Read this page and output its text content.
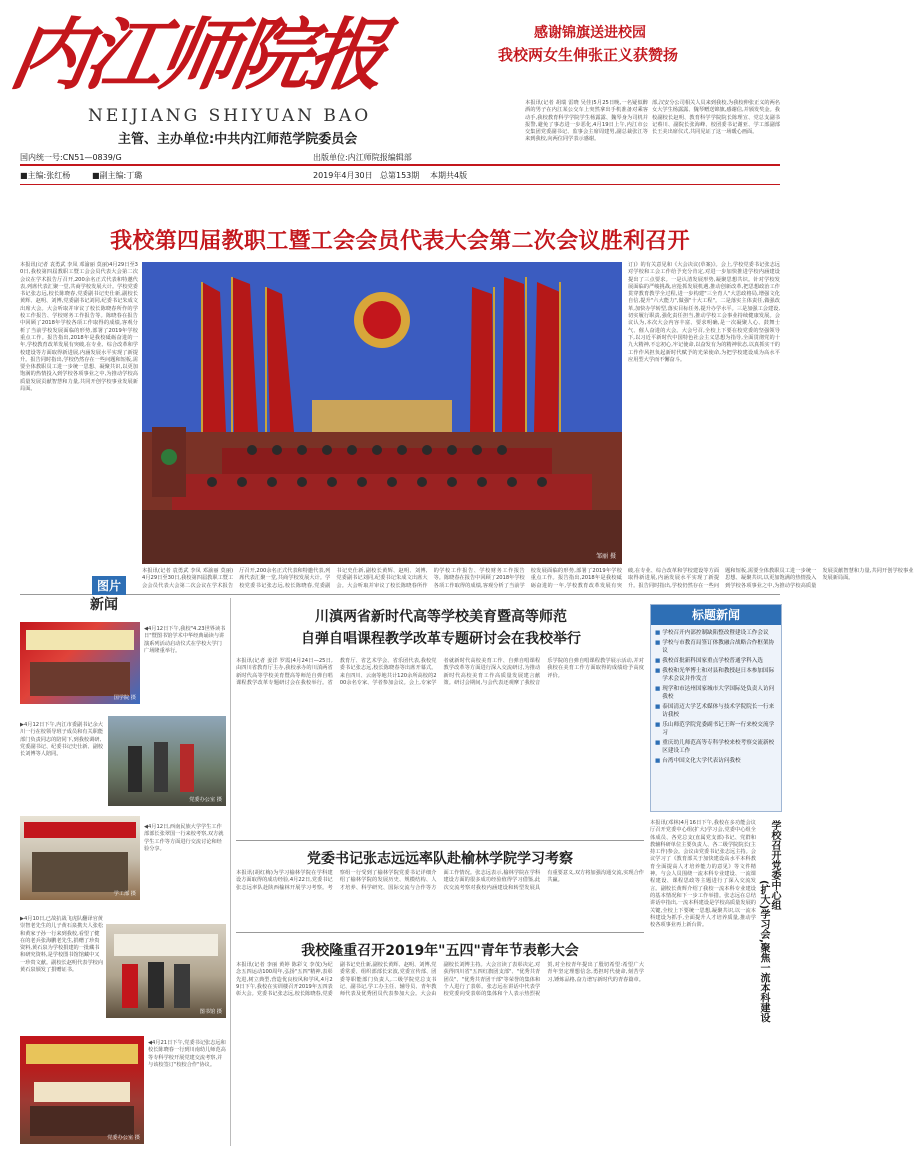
内江师院报
NEIJIANG SHIYUAN BAO
主管、主办单位:中共内江师范学院委员会
国内统一号:CN51—0839/G	出版单位:内江师院报编辑部
■主编:张红杨	■副主编:丁璐	2019年4月30日 总第153期 本期共4版
感谢锦旗送进校园
我校两女生伸张正义获赞扬
本报讯(记者 胡瑞 雷晓 吴佳)5月25日晚,一名疑似醉酒的男子在内江某公交车上突然拿出手机准备对乘客动手,我校教育科学学院学生杨露露、魏琴身为司机并报警,避免了事态进一步恶化,4月19日上午,内江市公交集团党委副书记、监事会主席周建男,副总裁张江等来到我校,向两位同学表示感谢。
部,汉安分公司相关人员来到我校,为我校伸张正义的两名女大学生杨露露、魏琴赠送锦旗,感谢信,并颁发奖金。我校副校长赵明、教育科学学院院长陈理宣、党总支副书记蔡川、副院长张海峰、校团委书记谢亚、学工部副部长王美出席仪式,共同见证了这一场暖心画面。
我校第四届教职工暨工会会员代表大会第二次会议胜利召开
本报讯(记者 袁勇武 李凤 邓渝丽 莫丽)4月29日至30日,我校第四届教职工暨工会会员代表大会第二次会议在学术报告厅召开,200余名正式代表和特邀代表,列席代表汇聚一堂,共商学校发展大计。学校党委书记张志远,校长陈晓春,党委副书记史仕新,副校长黄辉、赵明、刘博,党委副书记刘同,纪委书记朱成文出席大会。大会听取并审议了校长陈晓春所作的学校工作报告、学校财务工作报告等。陈晓春在报告中回顾了2018年学校各项工作取得的成绩,客观分析了当前学校发展面临的形势,部署了2019年学校重点工作。报告指出,2018年是我校砥砺奋进的一年,学校教育改革发展有突破,在专业、综合改革和学校建设等方面取得新进展,内涵发展水平实现了新提升。报告同时指出,学校仍然存在一些问题和短板,需要全体教职员工进一步统一思想、凝聚共识,以更加饱满的热情投入到学校各项事业之中,为推动学校高质量发展贡献智慧和力量,共同开创学校事业发展新局面。
邹丽 摄
订)》的有关意见和《大会决议(草案)》。会上,学校党委书记张志远对学校和工会工作给予充分肯定,对进一步加快推进学校内涵建设提出了三点要求。一是认清发展形势,凝聚思想共识。针对学校发展面临的严峻挑战,应抢抓发展机遇,推动创新改革,把思想政治工作贯穿教育教学全过程,进一步构建"三全育人"大思政格局,增强文化自信,提升"六大能力",做强"十大工程"。二是落实主体责任,做强改革,加快办学转型,落实目标任务,提升办学水平。三是加强工会建设,切实履行职责,强化责任担当,推动学校工会事业持续健康发展。会议认为,本次大会内容丰富、要求明确,是一次凝聚人心、鼓舞士气、催人奋进的大会。大会号召,全校上下要在校党委的坚强领导下,以习近平新时代中国特色社会主义思想为指导,全面贯彻党的十九大精神,不忘初心,牢记使命,以奋发有为的精神状态,以真抓实干的工作作风担负起新时代赋予的光荣使命,为把学校建设成为高水平应用型大学而不懈奋斗。
本报讯(记者 袁勇武 李凤 邓渝丽 莫丽)4月29日至30日,我校第四届教职工暨工会会员代表大会第二次会议在学术报告厅召开,200余名正式代表和特邀代表,列席代表汇聚一堂,共商学校发展大计。学校党委书记张志远,校长陈晓春,党委副书记史仕新,副校长黄辉、赵明、刘博,党委副书记刘同,纪委书记朱成文出席大会。大会听取并审议了校长陈晓春所作的学校工作报告、学校财务工作报告等。陈晓春在报告中回顾了2018年学校各项工作取得的成绩,客观分析了当前学校发展面临的形势,部署了2019年学校重点工作。报告指出,2018年是我校砥砺奋进的一年,学校教育改革发展有突破,在专业、综合改革和学校建设等方面取得新进展,内涵发展水平实现了新提升。报告同时指出,学校仍然存在一些问题和短板,需要全体教职员工进一步统一思想、凝聚共识,以更加饱满的热情投入到学校各项事业之中,为推动学校高质量发展贡献智慧和力量,共同开创学校事业发展新局面。
图片
新闻
国学院 摄
◀4月12日下午,我校"4.23世界读书日"暨图书馆学术中华经典诵读与讲演系列活动启动仪式在学校大学门广场隆重举行。
▶4月12日下午,内江市委副书记余大川一行在校领导班子成员和有关职能部门负责同志的陪同下,到我校调研,党委副书记、纪委书记史仕新、副校长刘博等人陪同。
党委办公室 摄
学工部 摄
◀4月12日,西南民族大学学生工作部部长张翠国一行来校考察,双方就学生工作等方面进行交流讨论和经验分享。
▶4月10日,已故抗战飞虎队翻译官黄崇智老先生的儿子黄石泉携夫人张松和黄家子孙一行来到我校,看望了健在的老兵张海鹏老先生,捐赠了珍贵资料,黄石泉为学校捐建的一批藏书和研究资料,是学校图书馆馆藏中又一珍贵文献。副校长赵明代表学校向黄石泉颁发了捐赠证书。
图书馆 摄
党委办公室 摄
◀4月21日下午,党委书记张志远和校长陈晓春一行到川南幼儿师范高等专科学校开展党建交流考察,并与该校签订"校校合作"协议。
川滇两省新时代高等学校美育暨高等师范
自弹自唱课程教学改革专题研讨会在我校举行
本报讯(记者 姜洋 罗霞)4月24日—25日,由四川省教育厅主办,我校承办的川滇两省新时代高等学校美育暨高等师范自弹自唱课程教学改革专题研讨会在我校举行。省教育厅、省艺术学会、省乐团代表,我校党委书记张志远,校长陈晓春等出席开幕式。来自四川、云南等地共计120余所高校的200余名专家、学者参加会议。会上,专家学者就新时代高校美育工作、自弹自唱课程教学改革等方面进行深入交流研讨,为推动新时代高校美育工作高质量发展建言献策。研讨会期间,与会代表还观摩了我校音乐学院的自弹自唱课程教学展示活动,并对我校在美育工作方面取得的成绩给予高度评价。
党委书记张志远远率队赴榆林学院学习考察
本报讯(胡红梅)为学习榆林学院在学科建设方面取得的成功经验,4月22日,党委书记张志远率队赴陕西榆林开展学习考察。考察组一行受到了榆林学院党委书记详细介绍了榆林学院的发展历史、规模结构、人才培养、科学研究、国际交流与合作等方面工作情况。张志远表示,榆林学院在学科建设方面的很多成功经验值得学习借鉴,此次交流考察对我校内涵建设和转型发展具有重要意义,双方将加强沟通交流,实现合作共赢。
我校隆重召开2019年"五四"青年节表彰大会
本报讯(记者 李丽 黄婷 陈彩文 李茂)为纪念五四运动100周年,弘扬"五四"精神,表彰先进,树立典型,营造优良校风和学风,4月29日下午,我校在实训楼召开2019年五四表彰大会。党委书记张志远,校长陈晓春,党委副书记史仕新,副校长黄辉、赵明、刘博,党委常委、组织部部长宋波,党委宣传部、团委等职能部门负责人,二级学院党总支书记、副书记,学工办主任、辅导员、青年教师代表及优秀团员代表参加大会。大会由副校长刘博主持。大会宣读了表彰决定,对获得四川省"五四红旗团支部"、"优秀共青团员"、"优秀共青团干部"等荣誉的集体和个人进行了表彰。张志远在讲话中代表学校党委向受表彰的集体和个人表示热烈祝贺,对全校青年提出了殷切希望:希望广大青年坚定理想信念,勇担时代使命,刻苦学习,锤炼品格,奋力谱写新时代的青春篇章。
标题新闻
■ 学校召开内部控制缺陷整改暨建设工作会议
■ 学校与市教育局签订体教融合战略合作框架协议
■ 我校首批新科国家重点学校普通学科入选
■ 我校和光华博士和对县和教授赵日本参加国际学术会议并作发言
■ 现学和市达州国家城市大学国际处负责人访问我校
■ 泰国清迈大学艺术媒体与技术学院院长一行来访我校
■ 乐山师范学院党委副书记王晖一行来校交流学习
■ 重庆幼儿师范高等专科学校来校考察交流新校区建设工作
■ 台湾中国文化大学代表访问我校
本报讯(邓林)4月16日下午,我校在多功能会议厅召开党委中心组(扩大)学习会,党委中心组全体成员、各党总支(直属党支部)书记、党群和教辅科研单位主要负责人、各二级学院院长(主持工作)参会。会议由党委书记张志远主持。会议学习了《教育部关于加快建设高水平本科教育全面提高人才培养能力的意见》等文件精神。与会人员围绕一流本科专业建设、一流课程建设、课程思政等主题进行了深入交流发言。副校长黄辉介绍了我校一流本科专业建设的基本情况和下一步工作举措。张志远在总结讲话中指出,一流本科建设是学校高质量发展的关键,全校上下要统一思想,凝聚共识,以一流本科建设为抓手,全面提升人才培养质量,推动学校各项事业再上新台阶。
学校召开党委中心组
(扩大)学习会,聚焦一流本科建设
